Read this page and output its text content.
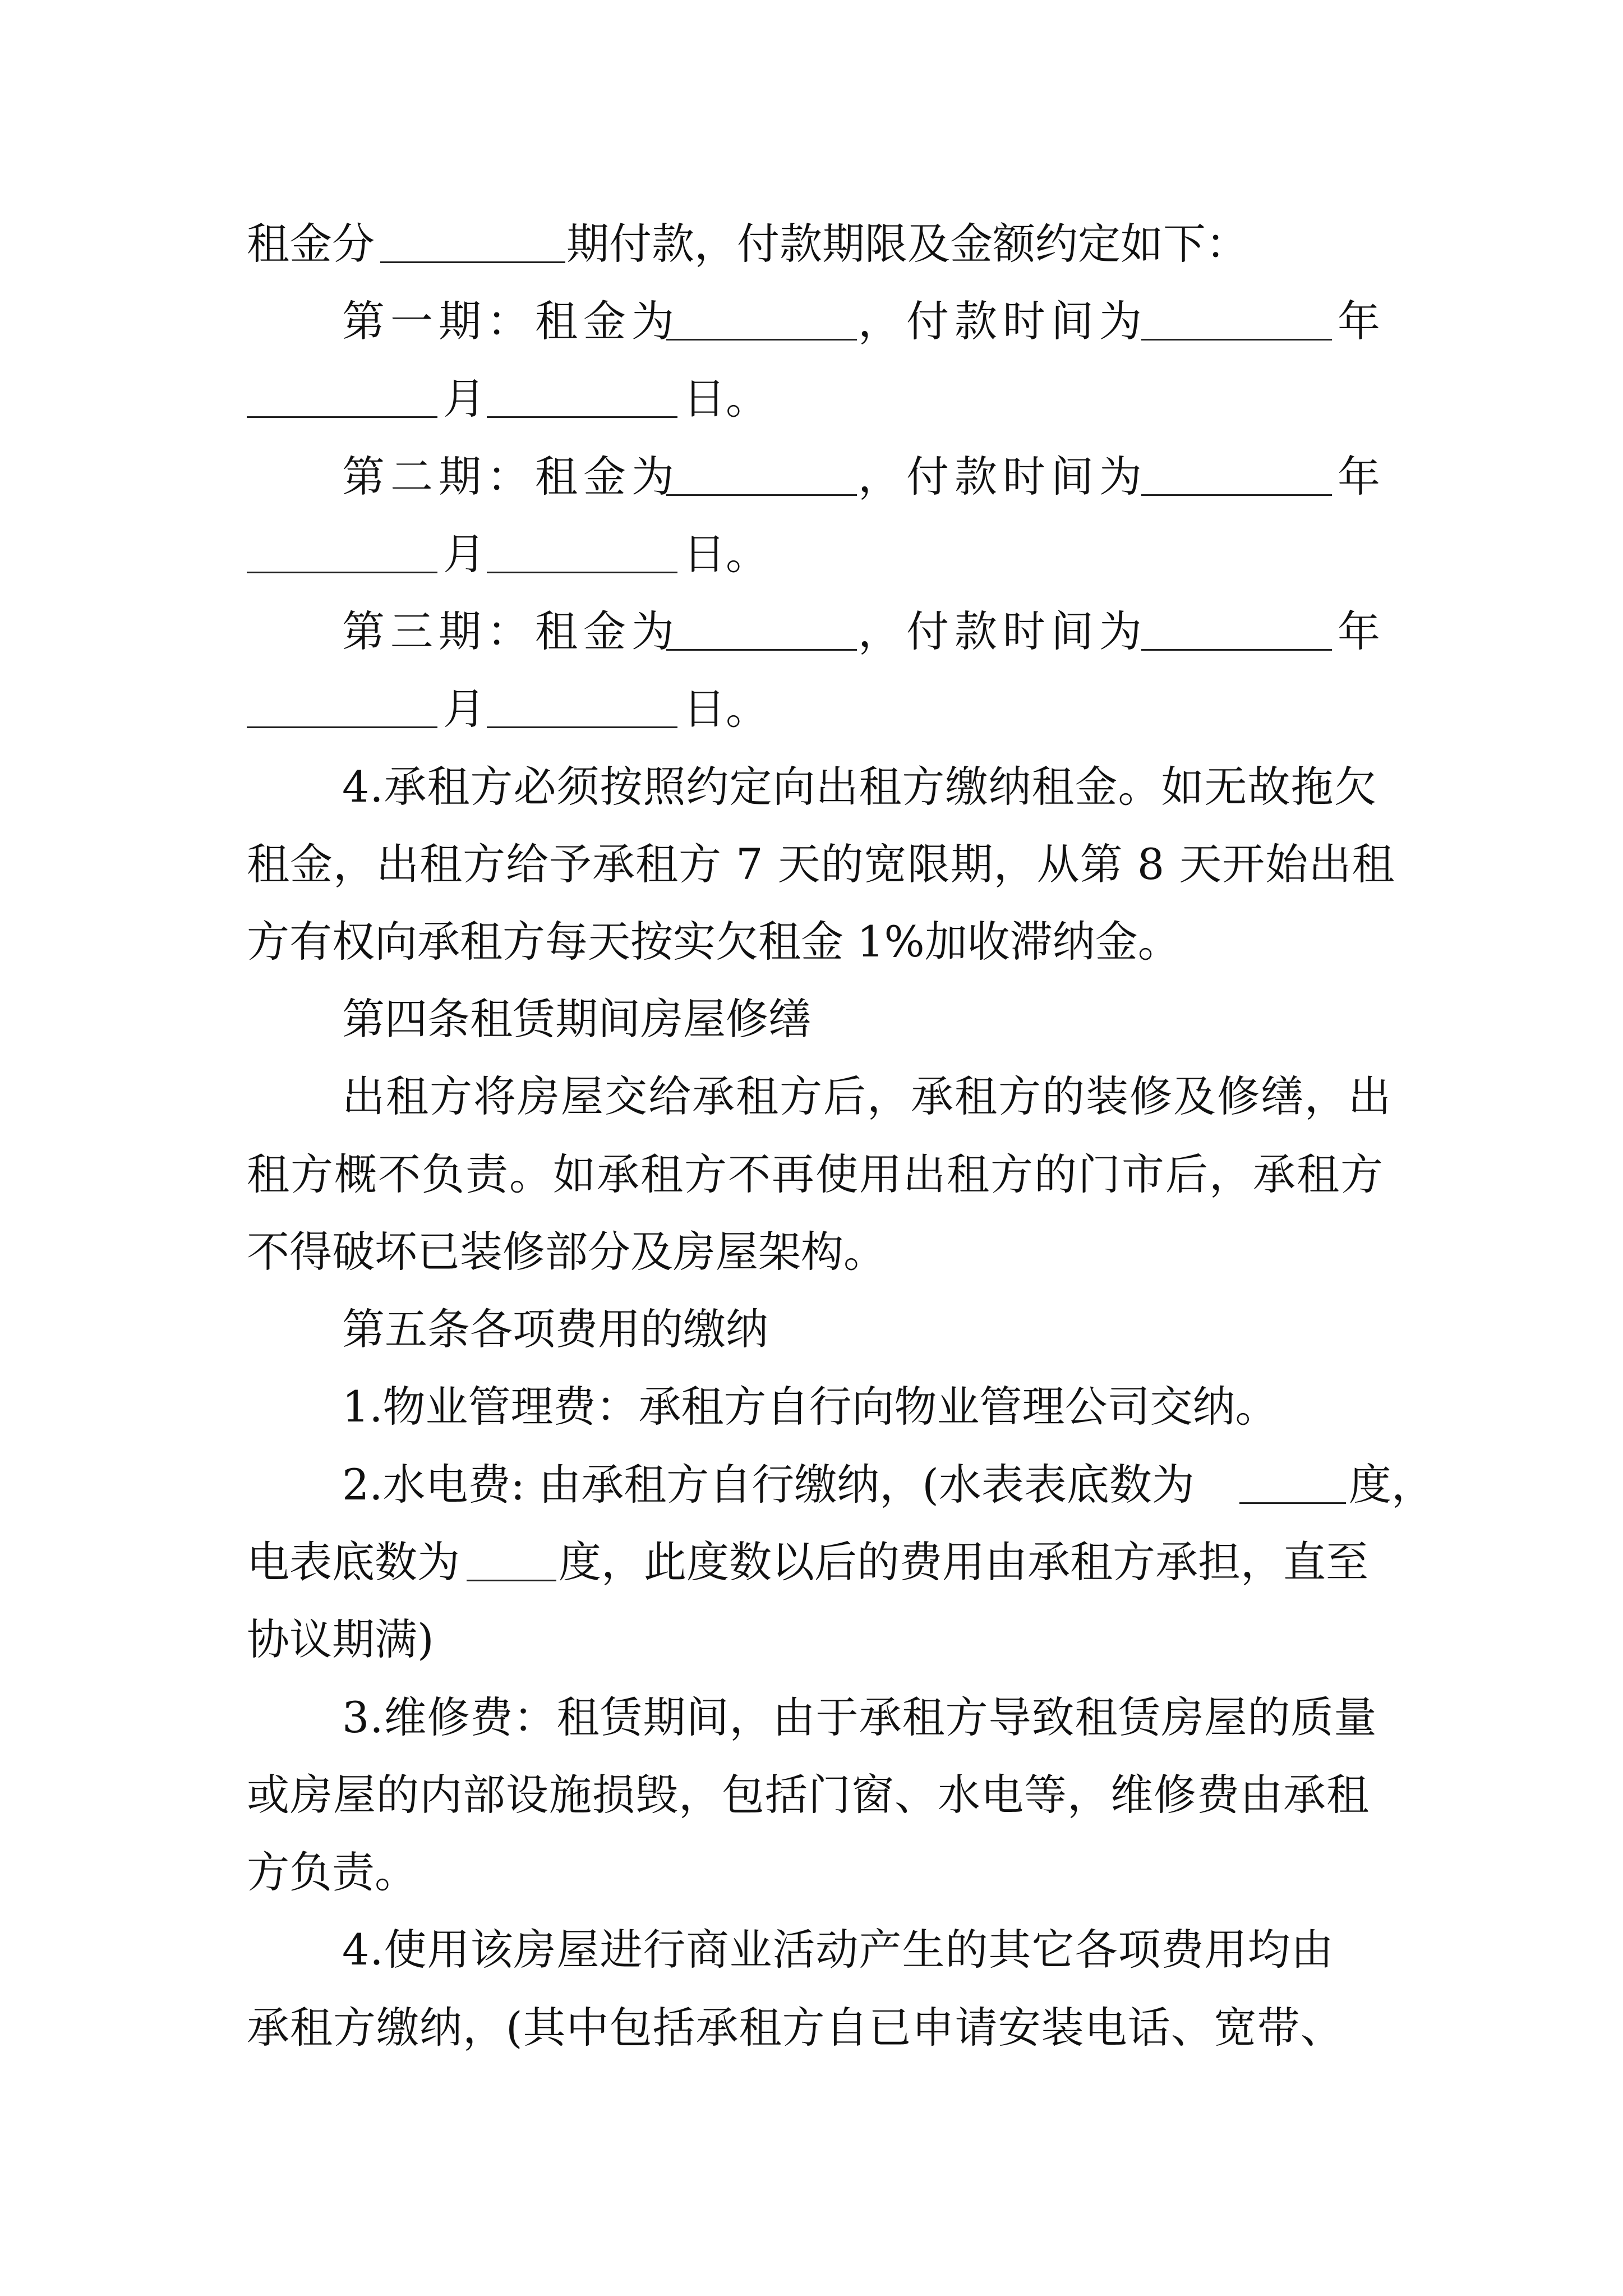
租金分	期付款，付款期限及金额约定如下：
第一期：租金为	，付款时间为	年
月	日。
第二期：租金为	，付款时间为	年
月	日。
第三期：租金为	，付款时间为	年
月	日。
4.承租方必须按照约定向出租方缴纳租金。如无故拖欠
租金，出租方给予承租方 7 天的宽限期，从第 8 天开始出租
方有权向承租方每天按实欠租金 1%加收滞纳金。
第四条租赁期间房屋修缮
出租方将房屋交给承租方后，承租方的装修及修缮，出
租方概不负责。如承租方不再使用出租方的门市后，承租方
不得破坏已装修部分及房屋架构。
第五条各项费用的缴纳
1.物业管理费：承租方自行向物业管理公司交纳。
2.水电费: 由承租方自行缴纳，(水表表底数为	度，
电表底数为 度，此度数以后的费用由承租方承担，直至
协议期满)
3.维修费：租赁期间，由于承租方导致租赁房屋的质量
或房屋的内部设施损毁，包括门窗、水电等，维修费由承租
方负责。
4.使用该房屋进行商业活动产生的其它各项费用均由
承租方缴纳，(其中包括承租方自已申请安装电话、宽带、
